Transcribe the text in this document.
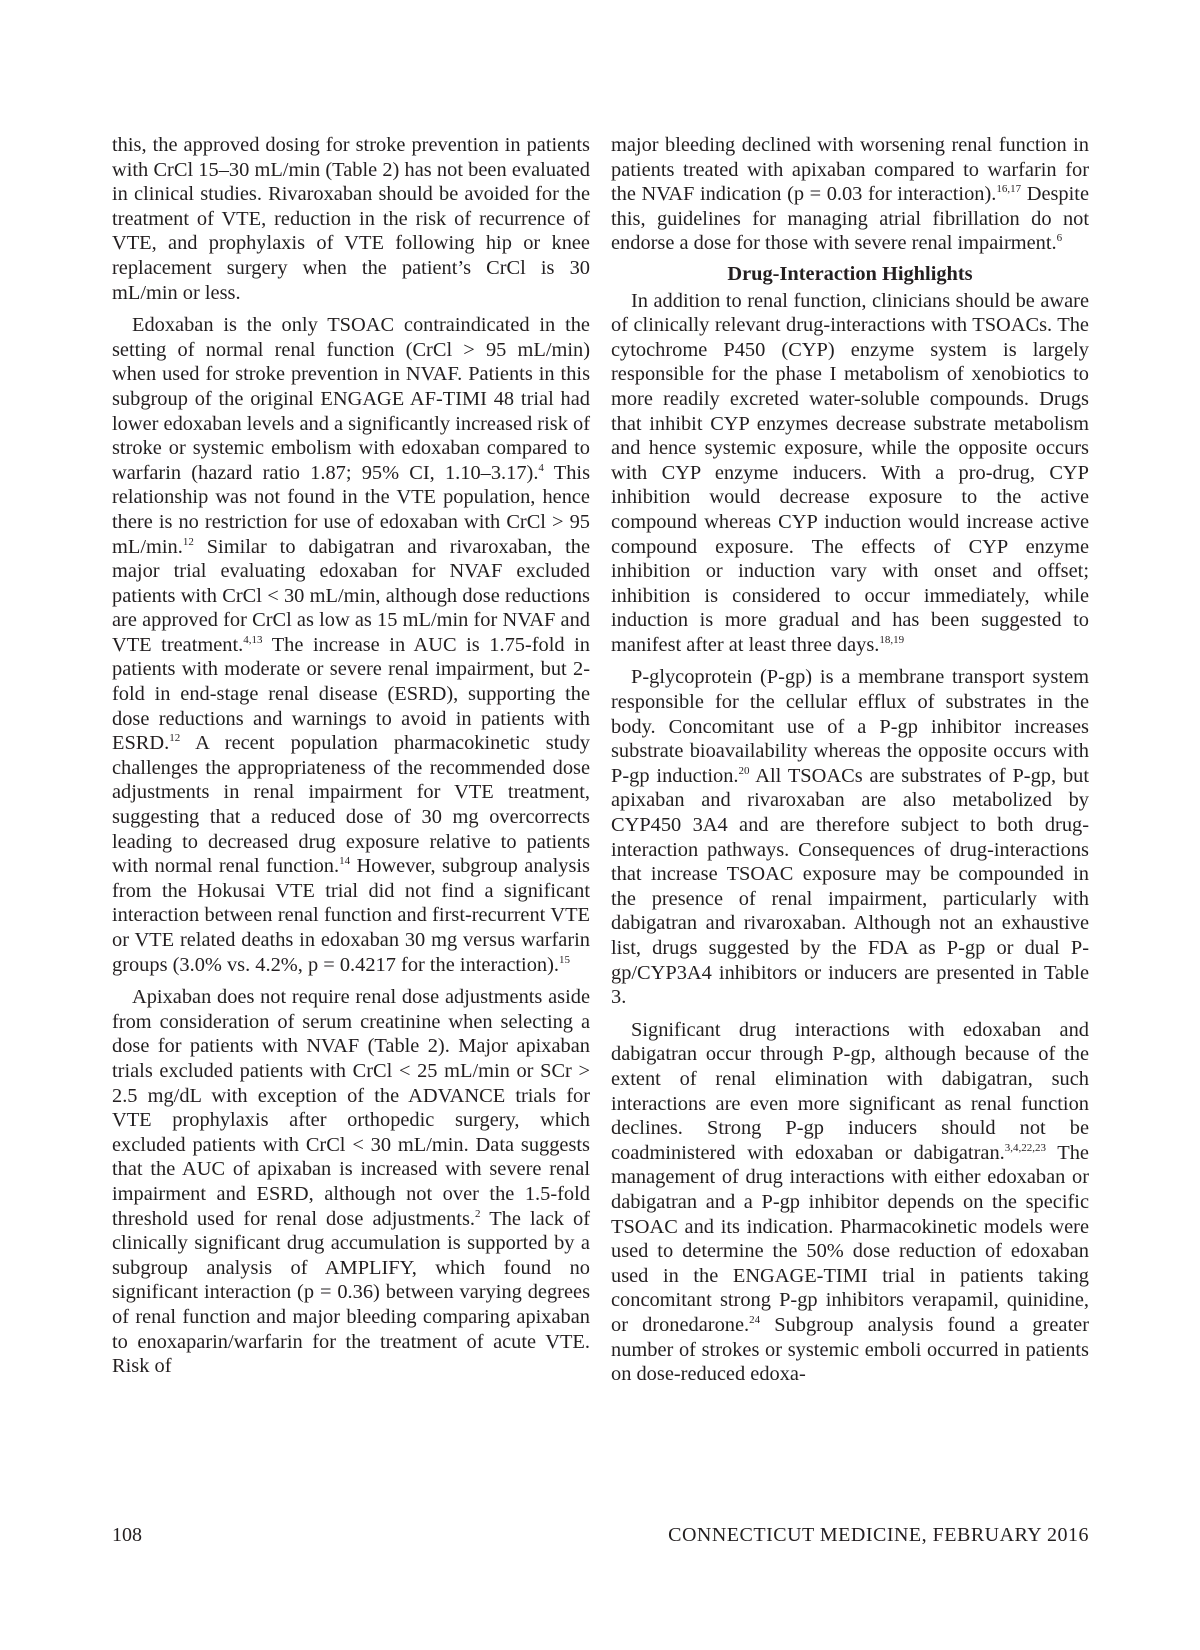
this, the approved dosing for stroke prevention in patients with CrCl 15–30 mL/min (Table 2) has not been evaluated in clinical studies. Rivaroxaban should be avoided for the treatment of VTE, reduction in the risk of recurrence of VTE, and prophylaxis of VTE following hip or knee replacement surgery when the patient’s CrCl is 30 mL/min or less.

Edoxaban is the only TSOAC contraindicated in the setting of normal renal function (CrCl > 95 mL/min) when used for stroke prevention in NVAF. Patients in this subgroup of the original ENGAGE AF-TIMI 48 trial had lower edoxaban levels and a significantly increased risk of stroke or systemic embolism with edoxaban compared to warfarin (hazard ratio 1.87; 95% CI, 1.10–3.17).$^4$ This relationship was not found in the VTE population, hence there is no restriction for use of edoxaban with CrCl > 95 mL/min.$^{12}$ Similar to dabigatran and rivaroxaban, the major trial evaluating edoxaban for NVAF excluded patients with CrCl < 30 mL/min, although dose reductions are approved for CrCl as low as 15 mL/min for NVAF and VTE treatment.$^{4,13}$ The increase in AUC is 1.75-fold in patients with moderate or severe renal impairment, but 2-fold in end-stage renal disease (ESRD), supporting the dose reductions and warnings to avoid in patients with ESRD.$^{12}$ A recent population pharmacokinetic study challenges the appropriateness of the recommended dose adjustments in renal impairment for VTE treatment, suggesting that a reduced dose of 30 mg overcorrects leading to decreased drug exposure relative to patients with normal renal function.$^{14}$ However, subgroup analysis from the Hokusai VTE trial did not find a significant interaction between renal function and first-recurrent VTE or VTE related deaths in edoxaban 30 mg versus warfarin groups (3.0% vs. 4.2%, p = 0.4217 for the interaction).$^{15}$

Apixaban does not require renal dose adjustments aside from consideration of serum creatinine when selecting a dose for patients with NVAF (Table 2). Major apixaban trials excluded patients with CrCl < 25 mL/min or SCr > 2.5 mg/dL with exception of the ADVANCE trials for VTE prophylaxis after orthopedic surgery, which excluded patients with CrCl < 30 mL/min. Data suggests that the AUC of apixaban is increased with severe renal impairment and ESRD, although not over the 1.5-fold threshold used for renal dose adjustments.$^2$ The lack of clinically significant drug accumulation is supported by a subgroup analysis of AMPLIFY, which found no significant interaction (p = 0.36) between varying degrees of renal function and major bleeding comparing apixaban to enoxaparin/warfarin for the treatment of acute VTE. Risk of

major bleeding declined with worsening renal function in patients treated with apixaban compared to warfarin for the NVAF indication (p = 0.03 for interaction).$^{16,17}$ Despite this, guidelines for managing atrial fibrillation do not endorse a dose for those with severe renal impairment.$^6$

Drug-Interaction Highlights

In addition to renal function, clinicians should be aware of clinically relevant drug-interactions with TSOACs. The cytochrome P450 (CYP) enzyme system is largely responsible for the phase I metabolism of xenobiotics to more readily excreted water-soluble compounds. Drugs that inhibit CYP enzymes decrease substrate metabolism and hence systemic exposure, while the opposite occurs with CYP enzyme inducers. With a pro-drug, CYP inhibition would decrease exposure to the active compound whereas CYP induction would increase active compound exposure. The effects of CYP enzyme inhibition or induction vary with onset and offset; inhibition is considered to occur immediately, while induction is more gradual and has been suggested to manifest after at least three days.$^{18,19}$

P-glycoprotein (P-gp) is a membrane transport system responsible for the cellular efflux of substrates in the body. Concomitant use of a P-gp inhibitor increases substrate bioavailability whereas the opposite occurs with P-gp induction.$^{20}$ All TSOACs are substrates of P-gp, but apixaban and rivaroxaban are also metabolized by CYP450 3A4 and are therefore subject to both drug-interaction pathways. Consequences of drug-interactions that increase TSOAC exposure may be compounded in the presence of renal impairment, particularly with dabigatran and rivaroxaban. Although not an exhaustive list, drugs suggested by the FDA as P-gp or dual P-gp/CYP3A4 inhibitors or inducers are presented in Table 3.

Significant drug interactions with edoxaban and dabigatran occur through P-gp, although because of the extent of renal elimination with dabigatran, such interactions are even more significant as renal function declines. Strong P-gp inducers should not be coadministered with edoxaban or dabigatran.$^{3,4,22,23}$ The management of drug interactions with either edoxaban or dabigatran and a P-gp inhibitor depends on the specific TSOAC and its indication. Pharmacokinetic models were used to determine the 50% dose reduction of edoxaban used in the ENGAGE-TIMI trial in patients taking concomitant strong P-gp inhibitors verapamil, quinidine, or dronedarone.$^{24}$ Subgroup analysis found a greater number of strokes or systemic emboli occurred in patients on dose-reduced edoxa-

108	CONNECTICUT MEDICINE, FEBRUARY 2016
